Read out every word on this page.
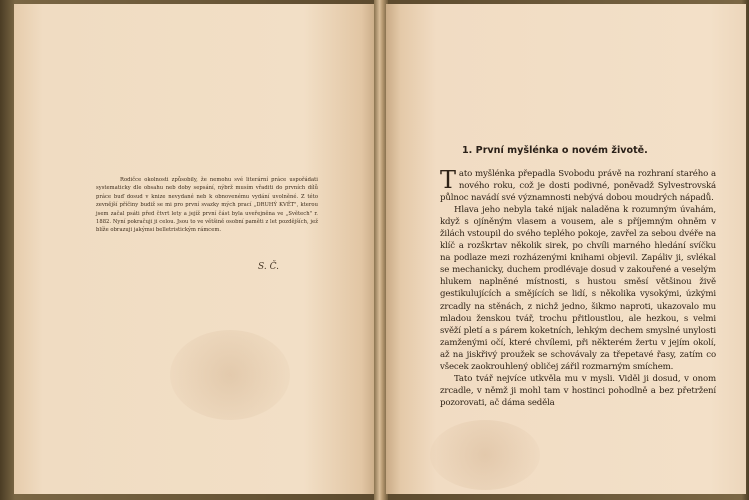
Rodičce okolnosti způsobily, že nemohu své literární práce uspořádati systematicky dle obsahu neb doby sepsání, nýbrž musím vřaditi do prvních dílů práce buď dosud v knize nevydané neb k obnovenému vydání uvolněné. Z této zevnější příčiny budiž se mi pro první svazky mých prací „DRUHÝ KVĚT", kterou jsem začal psáti před čtvrt lety a jejíž první část byla uveřejněna ve „Světech" r. 1882. Nyní pokračuji ji celou. Jsou to ve většině osobní paměti z let pozdějších, jež blíže obrazuji jakýmsi belletristickým rámcem.

S. Č.
1. První myšlénka o novém životě.

Tato myšlénka přepadla Svobodu právě na rozhraní starého a nového roku, což je dosti podivné, poněvadž Sylvestrovská půlnoc navádí své významnosti nebývá dobou moudrých nápadů.

Hlava jeho nebyla také nijak naladěna k rozumným úvahám, když s ojíněným vlasem a vousem, ale s příjemným ohněm v žilách vstoupil do svého teplého pokoje, zavřel za sebou dvéře na klíč a rozškrtav několik sirek, po chvíli marného hledání svíčku na podlaze mezi rozházenými knihami objevil. Zapáliv ji, svlékal se mechanicky, duchem prodlévaje dosud v zakouřené a veselým hlukem naplněné místnosti, s hustou směsí většinou živě gestikulujících a smějících se lidí, s několika vysokými, úzkými zrcadly na stěnách, z nichž jedno, šikmo naproti, ukazovalo mu mladou ženskou tvář, trochu přitloustlou, ale hezkou, s velmi svěží pletí a s párem koketních, lehkým dechem smyslné unylosti zamženými očí, které chvílemi, při některém žertu v jejím okolí, až na jiskřivý proužek se schovávaly za třepetavé řasy, zatím co všecek zaokrouhlený obličej zářil rozmarným smíchem.

Tato tvář nejvíce utkvěla mu v mysli. Viděl ji dosud, v onom zrcadle, v němž ji mohl tam v hostinci pohodlně a bez přetržení pozorovati, ač dáma seděla
